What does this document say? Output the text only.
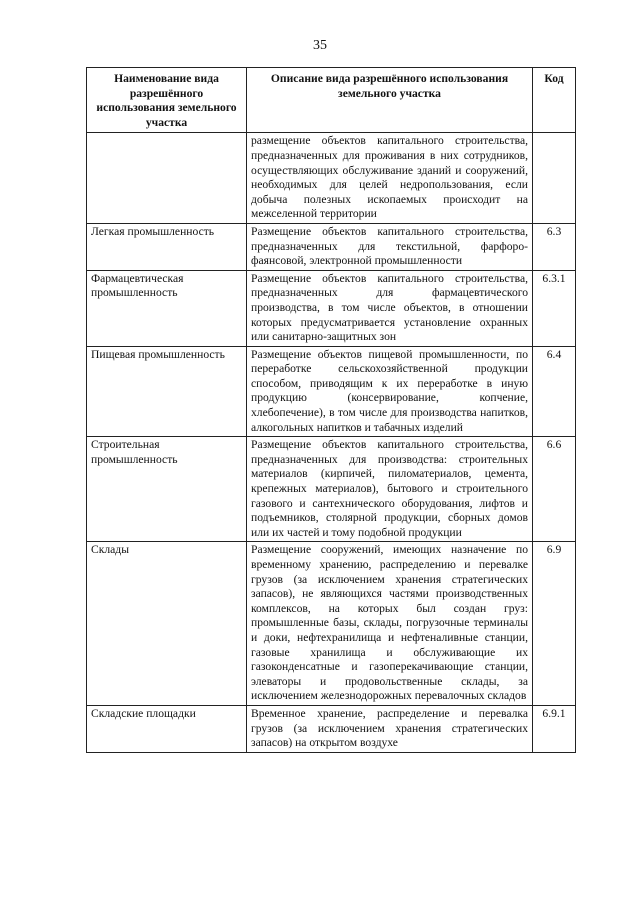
35
Наименование вида разрешённого использования земельного участка	Описание вида разрешённого использования земельного участка	Код
	размещение объектов капитального строительства, предназначенных для проживания в них сотрудников, осуществляющих обслуживание зданий и сооружений, необходимых для целей недропользования, если добыча полезных ископаемых происходит на межселенной территории	
Легкая промышленность	Размещение объектов капитального строительства, предназначенных для текстильной, фарфоро-фаянсовой, электронной промышленности	6.3
Фармацевтическая промышленность	Размещение объектов капитального строительства, предназначенных для фармацевтического производства, в том числе объектов, в отношении которых предусматривается установление охранных или санитарно-защитных зон	6.3.1
Пищевая промышленность	Размещение объектов пищевой промышленности, по переработке сельскохозяйственной продукции способом, приводящим к их переработке в иную продукцию (консервирование, копчение, хлебопечение), в том числе для производства напитков, алкогольных напитков и табачных изделий	6.4
Строительная промышленность	Размещение объектов капитального строительства, предназначенных для производства: строительных материалов (кирпичей, пиломатериалов, цемента, крепежных материалов), бытового и строительного газового и сантехнического оборудования, лифтов и подъемников, столярной продукции, сборных домов или их частей и тому подобной продукции	6.6
Склады	Размещение сооружений, имеющих назначение по временному хранению, распределению и перевалке грузов (за исключением хранения стратегических запасов), не являющихся частями производственных комплексов, на которых был создан груз: промышленные базы, склады, погрузочные терминалы и доки, нефтехранилища и нефтеналивные станции, газовые хранилища и обслуживающие их газоконденсатные и газоперекачивающие станции, элеваторы и продовольственные склады, за исключением железнодорожных перевалочных складов	6.9
Складские площадки	Временное хранение, распределение и перевалка грузов (за исключением хранения стратегических запасов) на открытом воздухе	6.9.1
